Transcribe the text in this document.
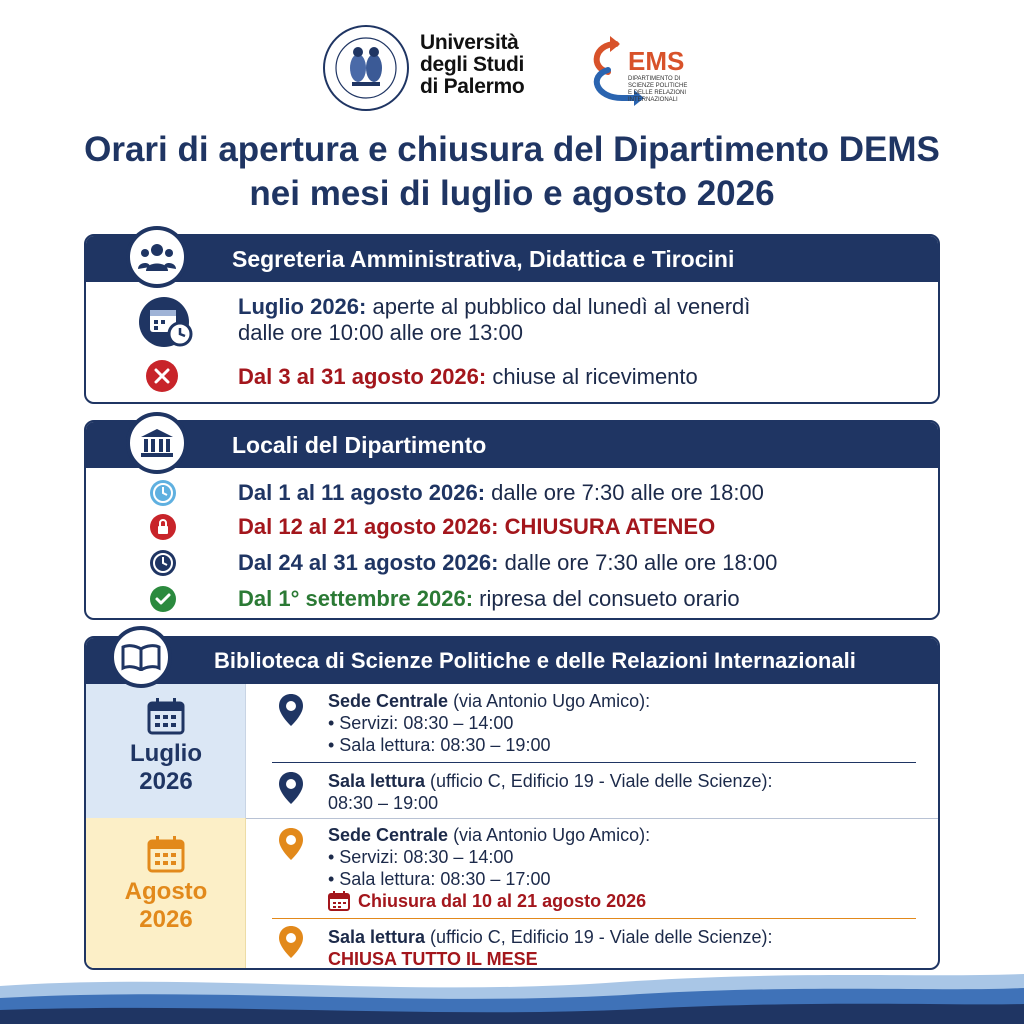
Università
degli Studi
di Palermo
EMS
DIPARTIMENTO DI
SCIENZE POLITICHE
E DELLE RELAZIONI
INTERNAZIONALI
Orari di apertura e chiusura del Dipartimento DEMS
nei mesi di luglio e agosto 2026
Segreteria Amministrativa, Didattica e Tirocini
Luglio 2026: aperte al pubblico dal lunedì al venerdì
dalle ore 10:00 alle ore 13:00
Dal 3 al 31 agosto 2026: chiuse al ricevimento
Locali del Dipartimento
Dal 1 al 11 agosto 2026: dalle ore 7:30 alle ore 18:00
Dal 12 al 21 agosto 2026: CHIUSURA ATENEO
Dal 24 al 31 agosto 2026: dalle ore 7:30 alle ore 18:00
Dal 1° settembre 2026: ripresa del consueto orario
Biblioteca di Scienze Politiche e delle Relazioni Internazionali
Luglio
2026
Agosto
2026
Sede Centrale (via Antonio Ugo Amico):
• Servizi: 08:30 – 14:00
• Sala lettura: 08:30 – 19:00
Sala lettura (ufficio C, Edificio 19 - Viale delle Scienze):
08:30 – 19:00
Sede Centrale (via Antonio Ugo Amico):
• Servizi: 08:30 – 14:00
• Sala lettura: 08:30 – 17:00
Chiusura dal 10 al 21 agosto 2026
Sala lettura (ufficio C, Edificio 19 - Viale delle Scienze):
CHIUSA TUTTO IL MESE
